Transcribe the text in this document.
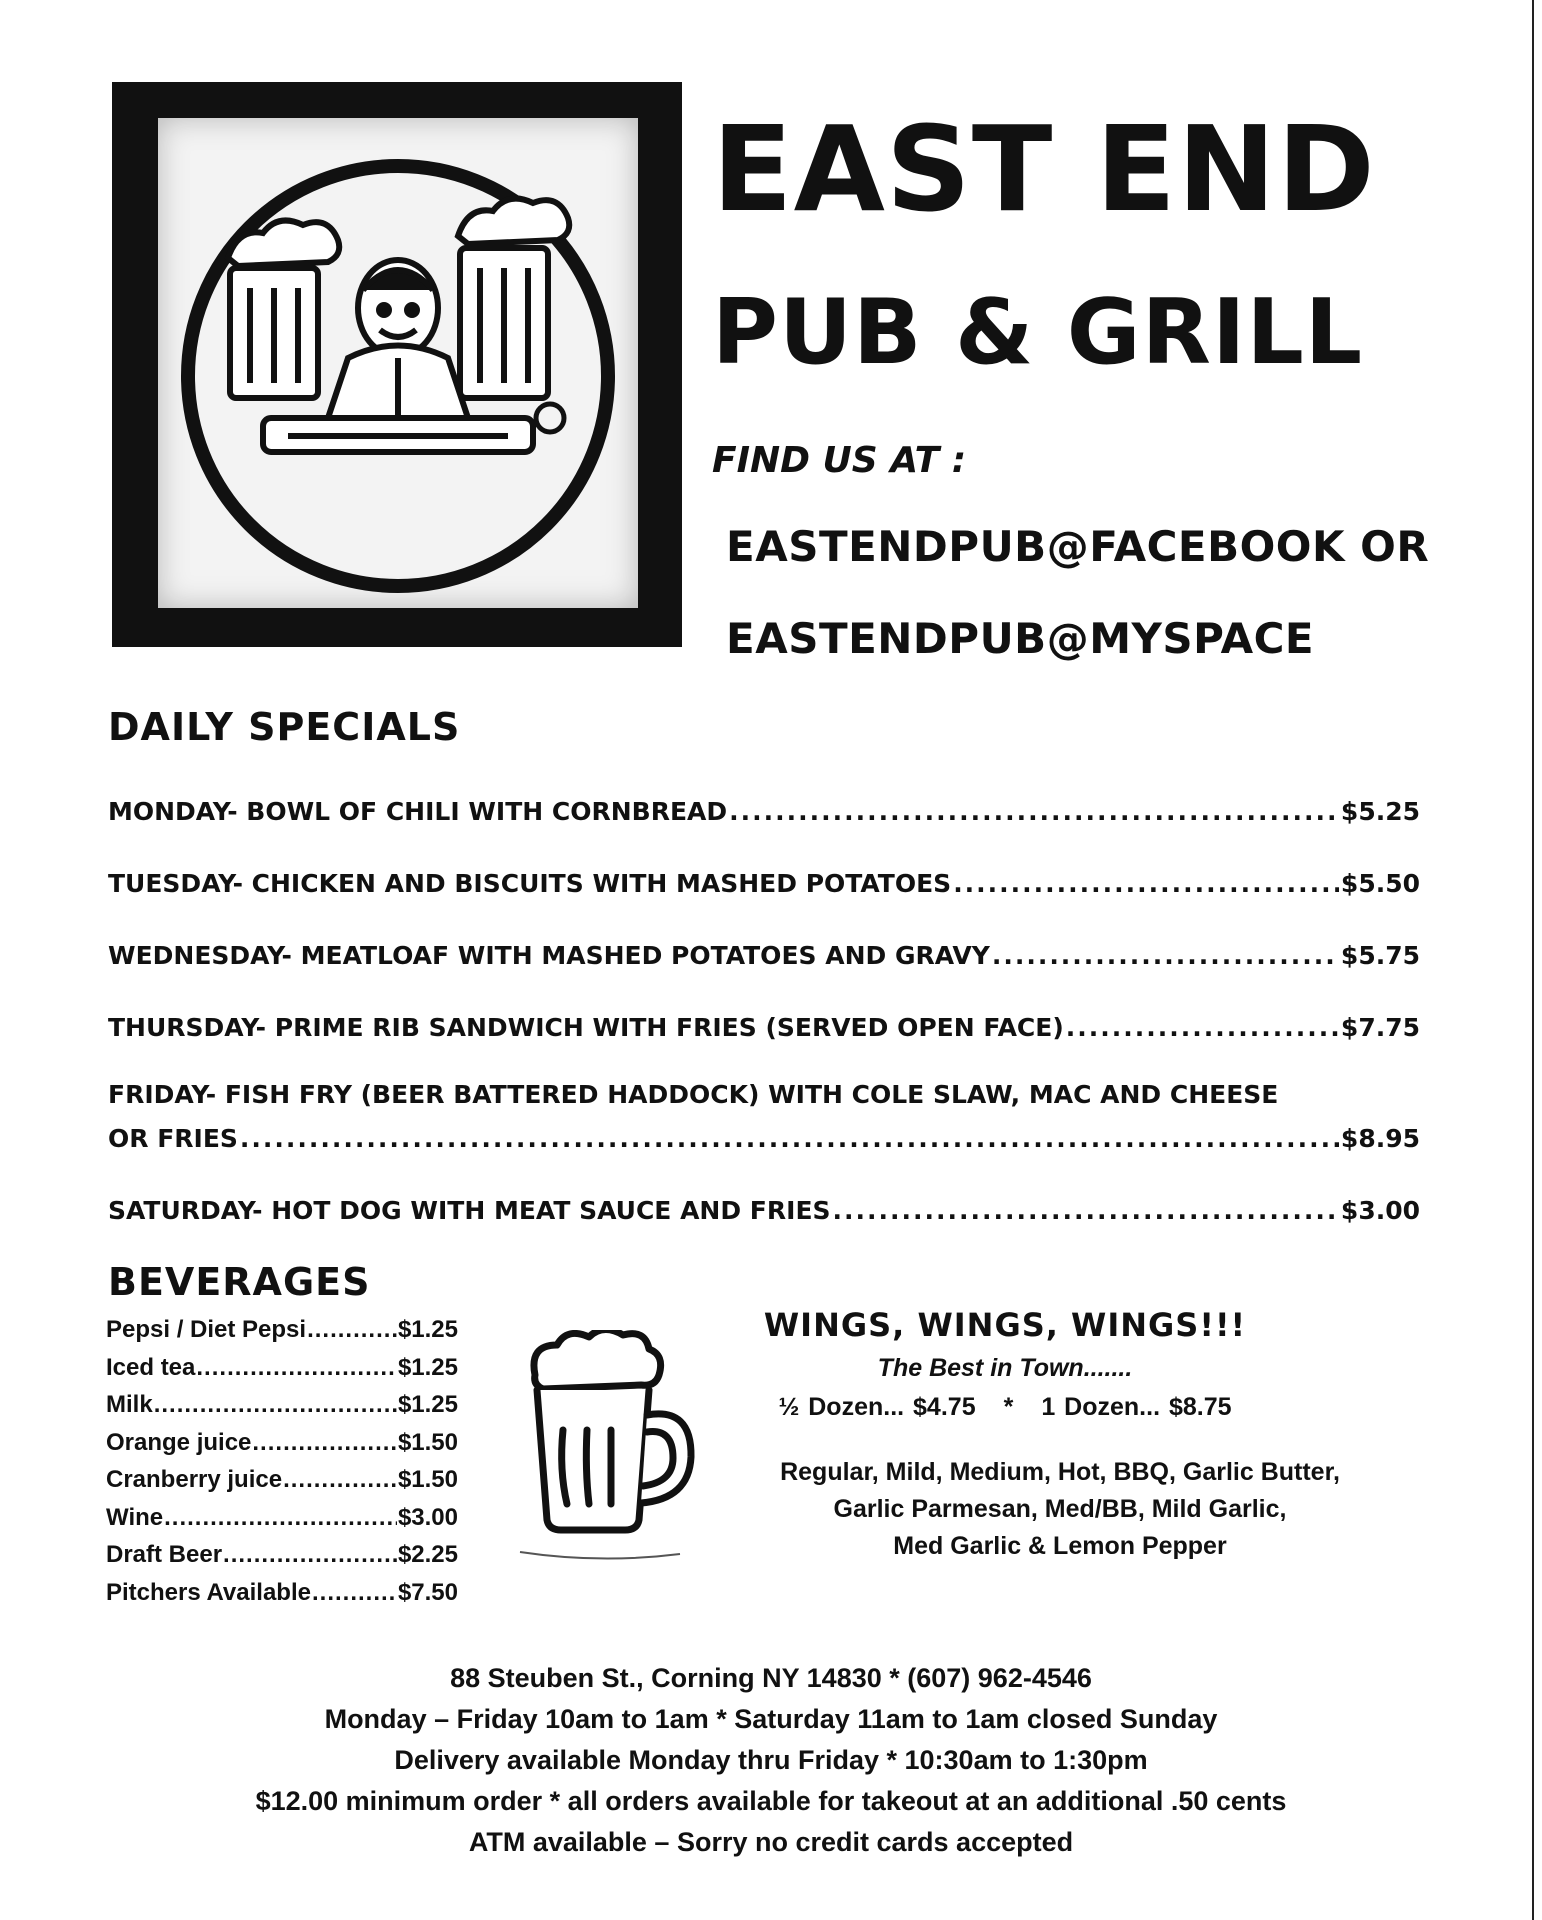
EAST END
PUB & GRILL
FIND US AT :
EASTENDPUB@FACEBOOK OR
EASTENDPUB@MYSPACE
DAILY SPECIALS
MONDAY- BOWL OF CHILI WITH CORNBREAD .....	$5.25
TUESDAY- CHICKEN AND BISCUITS WITH MASHED POTATOES .....	$5.50
WEDNESDAY- MEATLOAF WITH MASHED POTATOES AND GRAVY .....	$5.75
THURSDAY- PRIME RIB SANDWICH WITH FRIES (SERVED OPEN FACE) .....	$7.75
FRIDAY- FISH FRY (BEER BATTERED HADDOCK) WITH COLE SLAW, MAC AND CHEESE
OR FRIES .....	$8.95
SATURDAY- HOT DOG WITH MEAT SAUCE AND FRIES .....	$3.00
BEVERAGES
Pepsi / Diet Pepsi .....	$1.25
Iced tea .....	$1.25
Milk .....	$1.25
Orange juice .....	$1.50
Cranberry juice .....	$1.50
Wine .....	$3.00
Draft Beer .....	$2.25
Pitchers Available .....	$7.50
WINGS, WINGS, WINGS!!!
The Best in Town.......
½ Dozen... $4.75 * 1 Dozen... $8.75
Regular, Mild, Medium, Hot, BBQ, Garlic Butter,
Garlic Parmesan, Med/BB, Mild Garlic,
Med Garlic & Lemon Pepper
88 Steuben St., Corning NY 14830 * (607) 962-4546
Monday – Friday 10am to 1am * Saturday 11am to 1am closed Sunday
Delivery available Monday thru Friday * 10:30am to 1:30pm
$12.00 minimum order * all orders available for takeout at an additional .50 cents
ATM available – Sorry no credit cards accepted
